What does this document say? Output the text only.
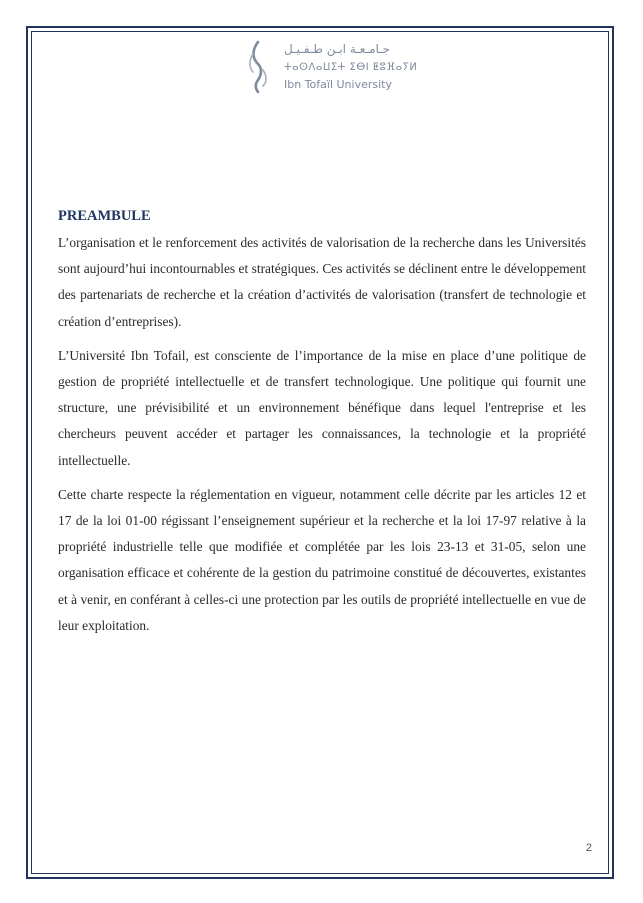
جـامـعـة ابـن طـفـيـل
ⵜⴰⵙⴷⴰⵡⵉⵜ ⵉⴱⵏ ⵟⵓⴼⴰⵢⵍ
Ibn Tofaïl University
PREAMBULE

L’organisation et le renforcement des activités de valorisation de la recherche dans les Universités sont aujourd’hui incontournables et stratégiques. Ces activités se déclinent entre le développement des partenariats de recherche et la création d’activités de valorisation (transfert de technologie et création d’entreprises).

L’Université Ibn Tofail, est consciente de l’importance de la mise en place d’une politique de gestion de propriété intellectuelle et de transfert technologique. Une politique qui fournit une structure, une prévisibilité et un environnement bénéfique dans lequel l'entreprise et les chercheurs peuvent accéder et partager les connaissances, la technologie et la propriété intellectuelle.

Cette charte respecte la réglementation en vigueur, notamment celle décrite par les articles 12 et 17 de la loi 01-00 régissant l’enseignement supérieur et la recherche et la loi 17-97 relative à la propriété industrielle telle que modifiée et complétée par les lois 23-13 et 31-05, selon une organisation efficace et cohérente de la gestion du patrimoine constitué de découvertes, existantes et à venir, en conférant à celles-ci une protection par les outils de propriété intellectuelle en vue de leur exploitation.

2
